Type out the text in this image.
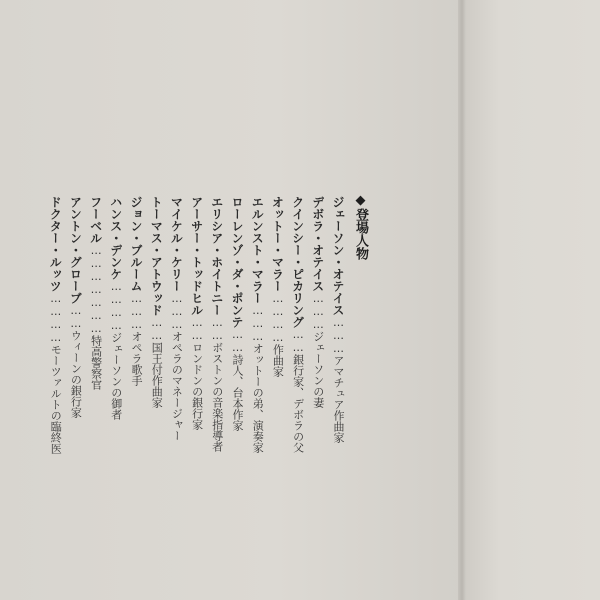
◆登場人物
ジェーソン・オテイス………アマチュア作曲家
デボラ・オテイス………ジェーソンの妻
クインシー・ピカリング……銀行家、デボラの父
オットー・マラー…………作曲家
エルンスト・マラー………オットーの弟、演奏家
ローレンゾ・ダ・ポンテ……詩人、台本作家
エリシア・ホイトニー……ボストンの音楽指導者
アーサー・トッドヒル……ロンドンの銀行家
マイケル・ケリー………オペラのマネージャー
トーマス・アトウッド……国王付作曲家
ジョン・ブルーム………オペラ歌手
ハンス・デンケ…………ジェーソンの御者
フーベル…………………特高警察官
アントン・グローブ……ウィーンの銀行家
ドクター・ルッツ…………モーツァルトの臨終医
